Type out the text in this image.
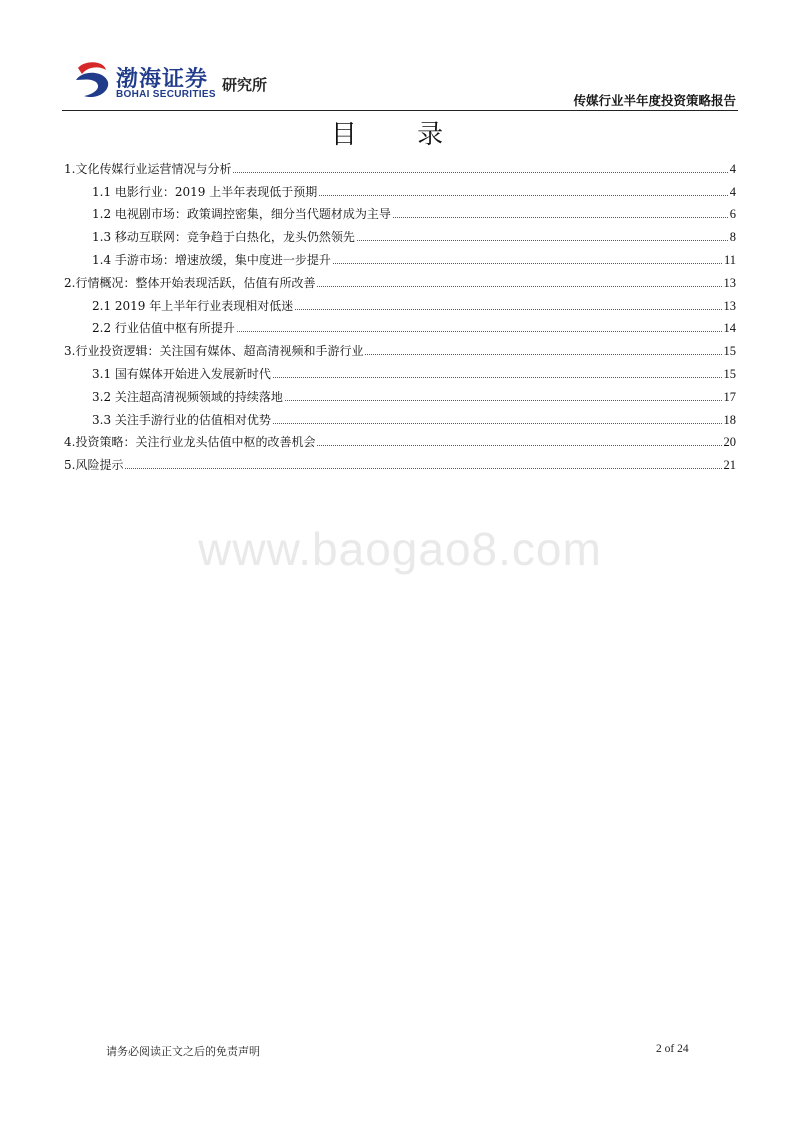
渤海证券
BOHAI SECURITIES
研究所
传媒行业半年度投资策略报告
目 录
1.文化传媒行业运营情况与分析	4
1.1 电影行业：2019 上半年表现低于预期	4
1.2 电视剧市场：政策调控密集，细分当代题材成为主导	6
1.3 移动互联网：竞争趋于白热化，龙头仍然领先	8
1.4 手游市场：增速放缓，集中度进一步提升	11
2.行情概况：整体开始表现活跃，估值有所改善	13
2.1 2019 年上半年行业表现相对低迷	13
2.2 行业估值中枢有所提升	14
3.行业投资逻辑：关注国有媒体、超高清视频和手游行业	15
3.1 国有媒体开始进入发展新时代	15
3.2 关注超高清视频领域的持续落地	17
3.3 关注手游行业的估值相对优势	18
4.投资策略：关注行业龙头估值中枢的改善机会	20
5.风险提示	21
www.baogao8.com
请务必阅读正文之后的免责声明	2 of 24
